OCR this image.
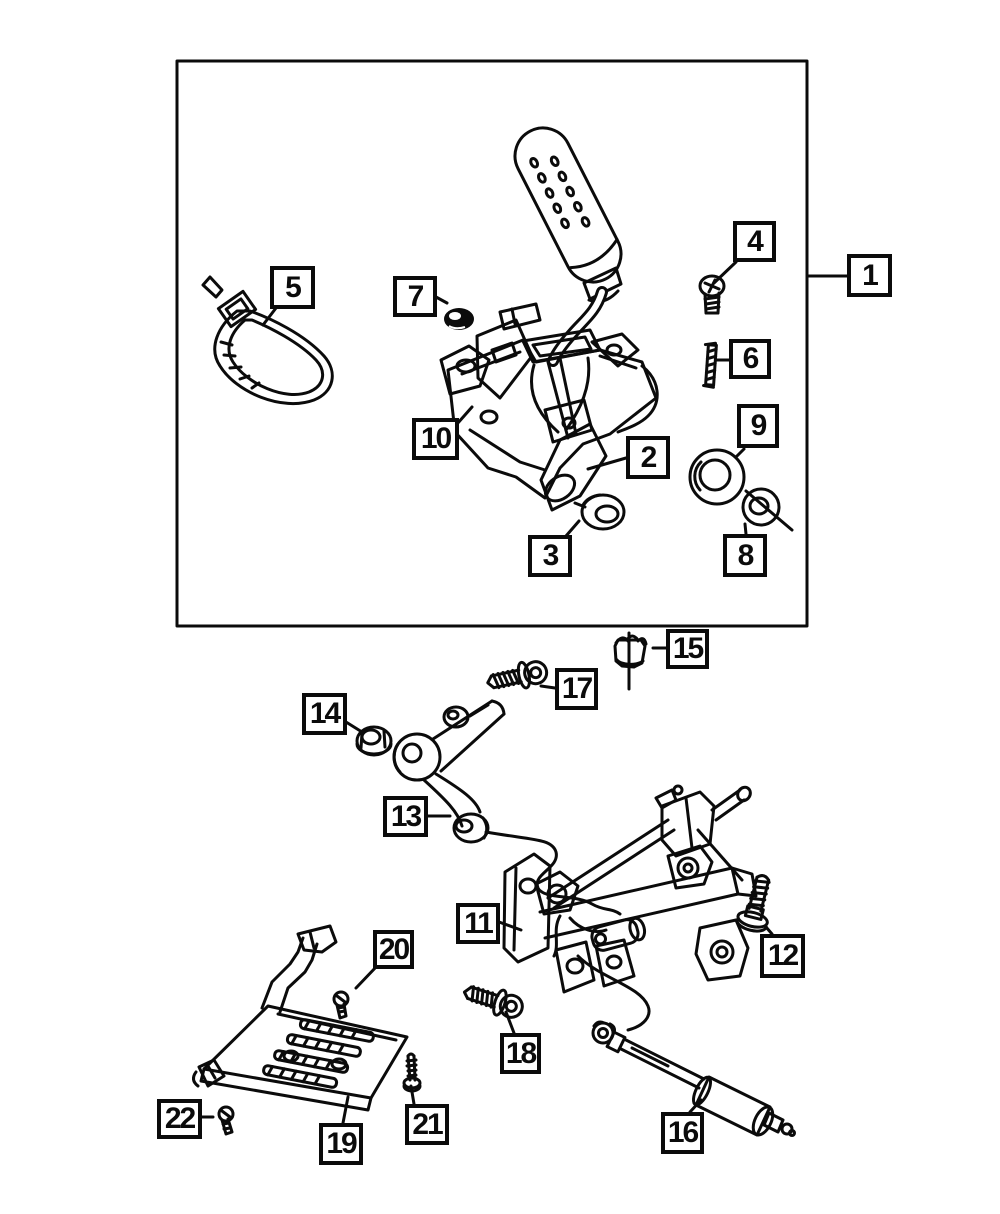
1
2
3
4
5
6
7
8
9
10
11
12
13
14
15
16
17
18
19
20
21
22
